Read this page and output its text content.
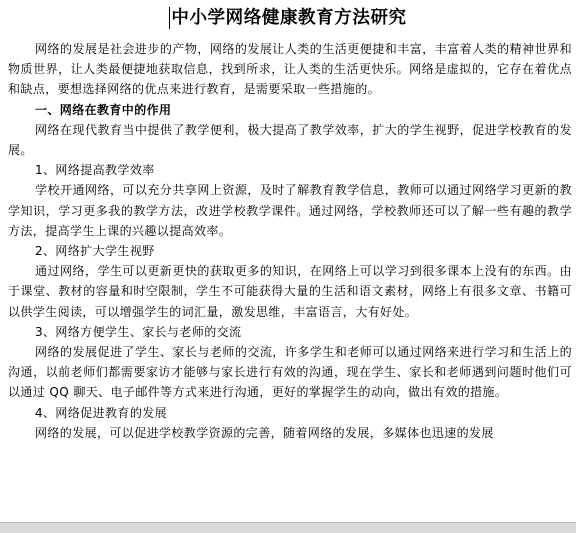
中小学网络健康教育方法研究

网络的发展是社会进步的产物，网络的发展让人类的生活更便捷和丰富，丰富着人类的精神世界和物质世界，让人类最便捷地获取信息，找到所求，让人类的生活更快乐。网络是虚拟的，它存在着优点和缺点，要想选择网络的优点来进行教育，是需要采取一些措施的。

一、网络在教育中的作用

网络在现代教育当中提供了教学便利，极大提高了教学效率，扩大的学生视野，促进学校教育的发展。

1、网络提高教学效率

学校开通网络，可以充分共享网上资源，及时了解教育教学信息，教师可以通过网络学习更新的教学知识，学习更多我的教学方法，改进学校教学课件。通过网络，学校教师还可以了解一些有趣的教学方法，提高学生上课的兴趣以提高效率。

2、网络扩大学生视野

通过网络，学生可以更新更快的获取更多的知识，在网络上可以学习到很多课本上没有的东西。由于课堂、教材的容量和时空限制，学生不可能获得大量的生活和语文素材，网络上有很多文章、书籍可以供学生阅读，可以增强学生的词汇量，激发思维，丰富语言，大有好处。

3、网络方便学生、家长与老师的交流

网络的发展促进了学生、家长与老师的交流，许多学生和老师可以通过网络来进行学习和生活上的沟通，以前老师们都需要家访才能够与家长进行有效的沟通，现在学生、家长和老师遇到问题时他们可以通过 QQ 聊天、电子邮件等方式来进行沟通，更好的掌握学生的动向，做出有效的措施。

4、网络促进教育的发展

网络的发展，可以促进学校教学资源的完善，随着网络的发展，多媒体也迅速的发展
